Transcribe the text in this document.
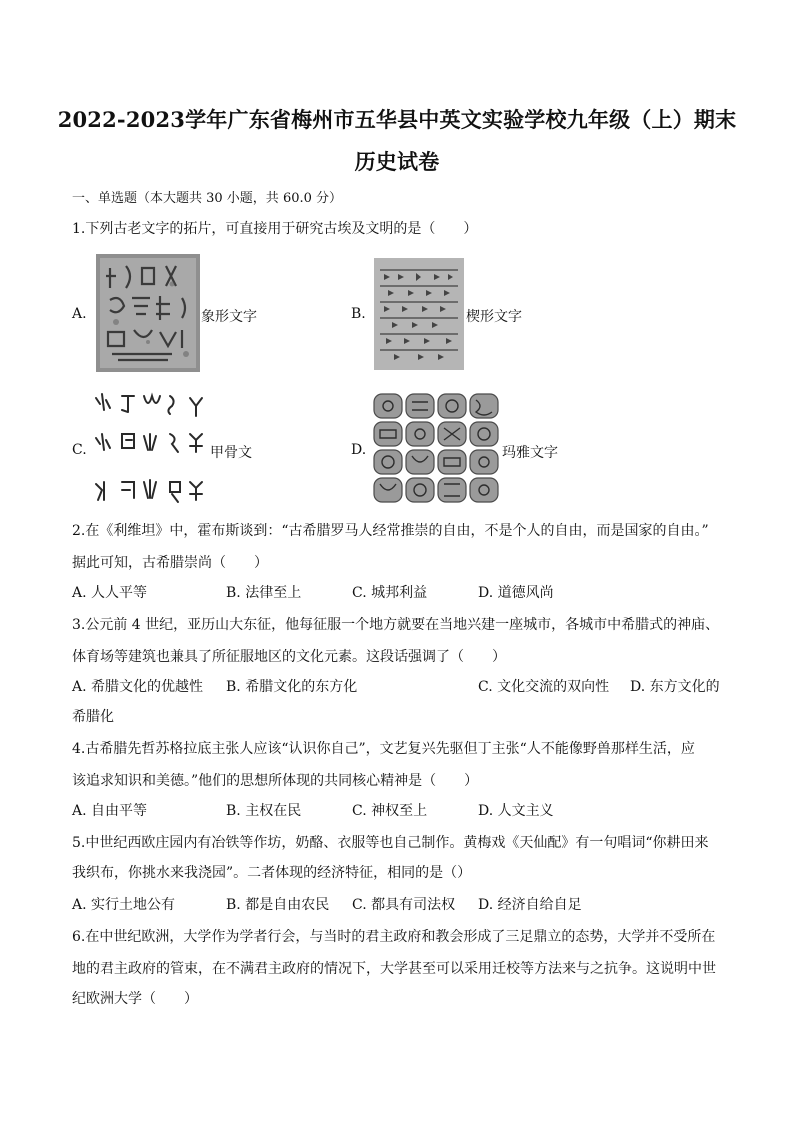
2022-2023学年广东省梅州市五华县中英文实验学校九年级（上）期末
历史试卷
一、单选题（本大题共 30 小题，共 60.0 分）
1.下列古老文字的拓片，可直接用于研究古埃及文明的是（　　）
A.	象形文字	B.	楔形文字
C.	甲骨文	D.	玛雅文字
2.在《利维坦》中，霍布斯谈到：“古希腊罗马人经常推崇的自由，不是个人的自由，而是国家的自由。”
据此可知，古希腊崇尚（　　）
A. 人人平等	B. 法律至上	C. 城邦利益	D. 道德风尚
3.公元前 4 世纪，亚历山大东征，他每征服一个地方就要在当地兴建一座城市，各城市中希腊式的神庙、
体育场等建筑也兼具了所征服地区的文化元素。这段话强调了（　　）
A. 希腊文化的优越性 B. 希腊文化的东方化	C. 文化交流的双向性 D. 东方文化的
希腊化
4.古希腊先哲苏格拉底主张人应该“认识你自己”，文艺复兴先驱但丁主张“人不能像野兽那样生活，应
该追求知识和美德。”他们的思想所体现的共同核心精神是（　　）
A. 自由平等	B. 主权在民	C. 神权至上	D. 人文主义
5.中世纪西欧庄园内有冶铁等作坊，奶酪、衣服等也自己制作。黄梅戏《天仙配》有一句唱词“你耕田来
我织布，你挑水来我浇园”。二者体现的经济特征，相同的是（）
A. 实行土地公有	B. 都是自由农民 C. 都具有司法权 D. 经济自给自足
6.在中世纪欧洲，大学作为学者行会，与当时的君主政府和教会形成了三足鼎立的态势，大学并不受所在
地的君主政府的管束，在不满君主政府的情况下，大学甚至可以采用迁校等方法来与之抗争。这说明中世
纪欧洲大学（　　）
